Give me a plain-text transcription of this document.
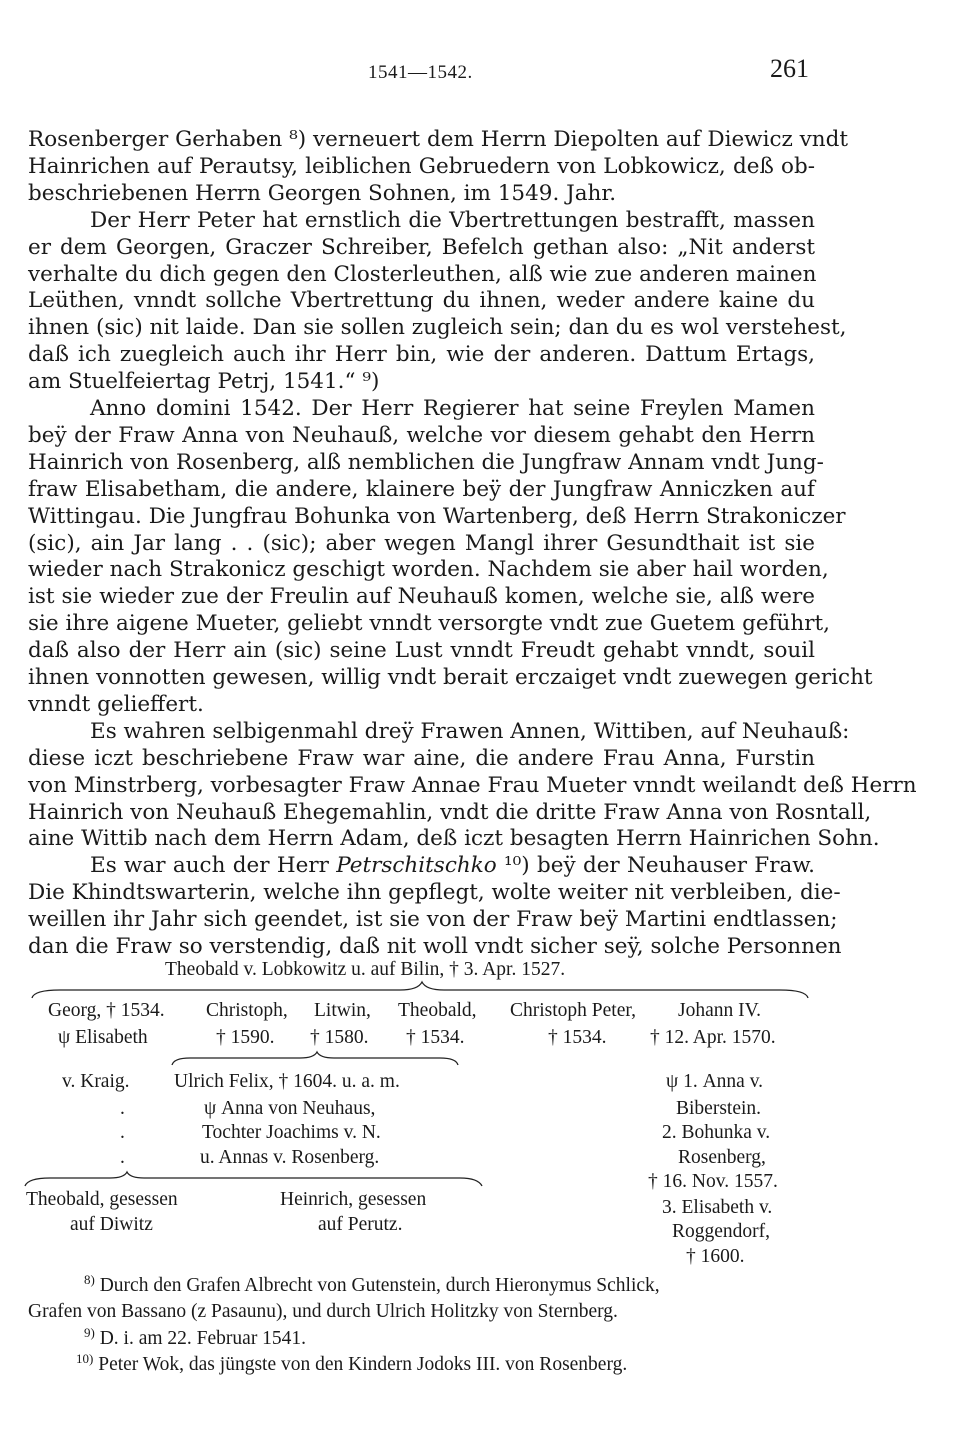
1541—1542.	261
Rosenberger Gerhaben ⁸) verneuert dem Herrn Diepolten auf Diewicz vndt
Hainrichen auf Perautsy, leiblichen Gebruedern von Lobkowicz, deß ob-
beschriebenen Herrn Georgen Sohnen, im 1549. Jahr.
Der Herr Peter hat ernstlich die Vbertrettungen bestrafft, massen
er dem Georgen, Graczer Schreiber, Befelch gethan also: „Nit anderst
verhalte du dich gegen den Closterleuthen, alß wie zue anderen mainen
Leüthen, vnndt sollche Vbertrettung du ihnen, weder andere kaine du
ihnen (sic) nit laide. Dan sie sollen zugleich sein; dan du es wol verstehest,
daß ich zuegleich auch ihr Herr bin, wie der anderen. Dattum Ertags,
am Stuelfeiertag Petrj, 1541.“ ⁹)
Anno domini 1542. Der Herr Regierer hat seine Freylen Mamen
beÿ der Fraw Anna von Neuhauß, welche vor diesem gehabt den Herrn
Hainrich von Rosenberg, alß nemblichen die Jungfraw Annam vndt Jung-
fraw Elisabetham, die andere, klainere beÿ der Jungfraw Anniczken auf
Wittingau. Die Jungfrau Bohunka von Wartenberg, deß Herrn Strakoniczer
(sic), ain Jar lang . . (sic); aber wegen Mangl ihrer Gesundthait ist sie
wieder nach Strakonicz geschigt worden. Nachdem sie aber hail worden,
ist sie wieder zue der Freulin auf Neuhauß komen, welche sie, alß were
sie ihre aigene Mueter, geliebt vnndt versorgte vndt zue Guetem geführt,
daß also der Herr ain (sic) seine Lust vnndt Freudt gehabt vnndt, souil
ihnen vonnotten gewesen, willig vndt berait erczaiget vndt zuewegen gericht
vnndt gelieffert.
Es wahren selbigenmahl dreÿ Frawen Annen, Wittiben, auf Neuhauß:
diese iczt beschriebene Fraw war aine, die andere Frau Anna, Furstin
von Minstrberg, vorbesagter Fraw Annae Frau Mueter vnndt weilandt deß Herrn
Hainrich von Neuhauß Ehegemahlin, vndt die dritte Fraw Anna von Rosntall,
aine Wittib nach dem Herrn Adam, deß iczt besagten Herrn Hainrichen Sohn.
Es war auch der Herr Petrschitschko ¹⁰) beÿ der Neuhauser Fraw.
Die Khindtswarterin, welche ihn gepflegt, wolte weiter nit verbleiben, die-
weillen ihr Jahr sich geendet, ist sie von der Fraw beÿ Martini endtlassen;
dan die Fraw so verstendig, daß nit woll vndt sicher seÿ, solche Personnen
Theobald v. Lobkowitz u. auf Bilin, † 3. Apr. 1527.
Georg, † 1534.
ψ Elisabeth
Christoph,
† 1590.
Litwin,
† 1580.
Theobald,
† 1534.
Christoph Peter,
† 1534.
Johann IV.
† 12. Apr. 1570.
v. Kraig.
.
.
.
Ulrich Felix, † 1604. u. a. m.
ψ Anna von Neuhaus,
Tochter Joachims v. N.
u. Annas v. Rosenberg.
ψ 1. Anna v.
Biberstein.
2. Bohunka v.
Rosenberg,
† 16. Nov. 1557.
3. Elisabeth v.
Roggendorf,
† 1600.
Theobald, gesessen
auf Diwitz
Heinrich, gesessen
auf Perutz.
$^{8)}$ Durch den Grafen Albrecht von Gutenstein, durch Hieronymus Schlick,
Grafen von Bassano (z Pasaunu), und durch Ulrich Holitzky von Sternberg.
$^{9)}$ D. i. am 22. Februar 1541.
$^{10)}$ Peter Wok, das jüngste von den Kindern Jodoks III. von Rosenberg.
